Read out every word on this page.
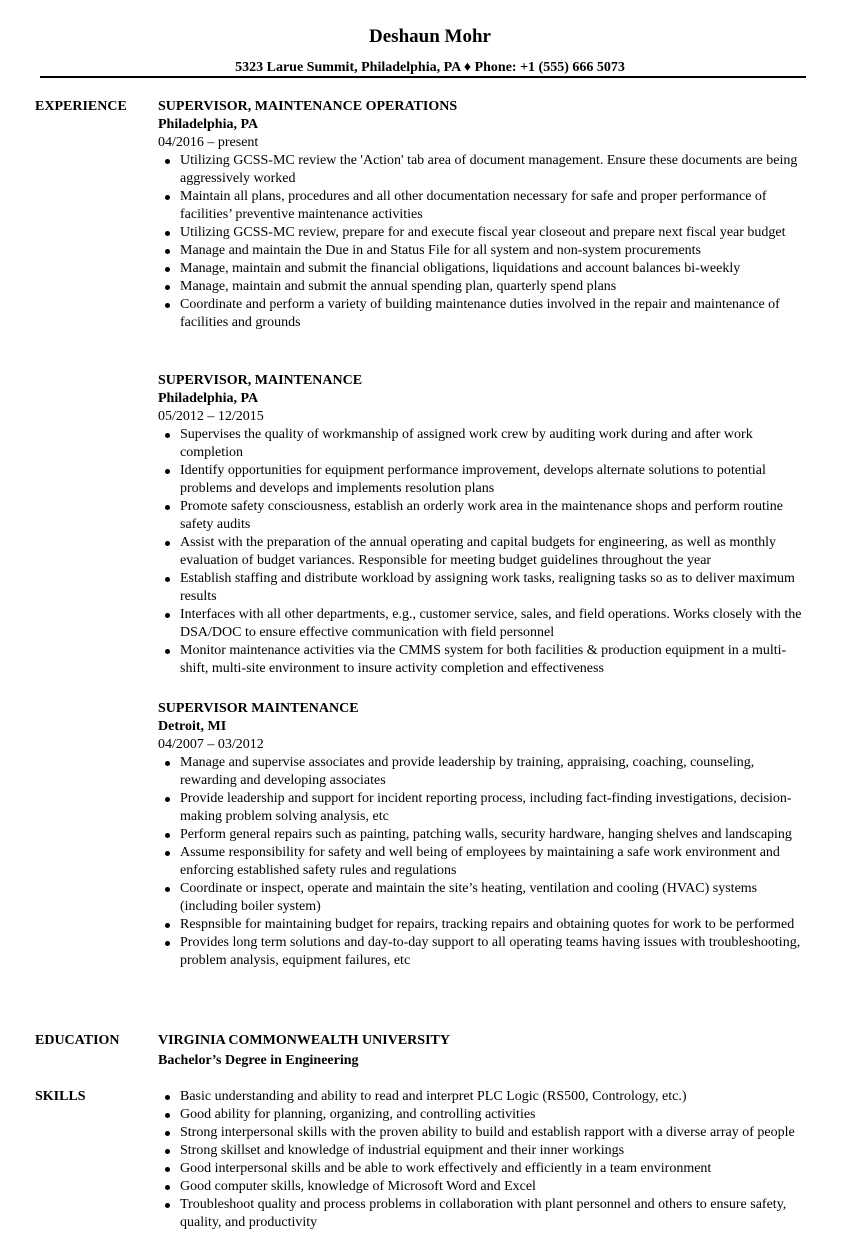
Deshaun Mohr
5323 Larue Summit, Philadelphia, PA ♦ Phone: +1 (555) 666 5073
EXPERIENCE SUPERVISOR, MAINTENANCE OPERATIONS
Philadelphia, PA
04/2016 – present
Utilizing GCSS-MC review the 'Action' tab area of document management. Ensure these documents are being aggressively worked
Maintain all plans, procedures and all other documentation necessary for safe and proper performance of facilities’ preventive maintenance activities
Utilizing GCSS-MC review, prepare for and execute fiscal year closeout and prepare next fiscal year budget
Manage and maintain the Due in and Status File for all system and non-system procurements
Manage, maintain and submit the financial obligations, liquidations and account balances bi-weekly
Manage, maintain and submit the annual spending plan, quarterly spend plans
Coordinate and perform a variety of building maintenance duties involved in the repair and maintenance of facilities and grounds
SUPERVISOR, MAINTENANCE
Philadelphia, PA
05/2012 – 12/2015
Supervises the quality of workmanship of assigned work crew by auditing work during and after work completion
Identify opportunities for equipment performance improvement, develops alternate solutions to potential problems and develops and implements resolution plans
Promote safety consciousness, establish an orderly work area in the maintenance shops and perform routine safety audits
Assist with the preparation of the annual operating and capital budgets for engineering, as well as monthly evaluation of budget variances. Responsible for meeting budget guidelines throughout the year
Establish staffing and distribute workload by assigning work tasks, realigning tasks so as to deliver maximum results
Interfaces with all other departments, e.g., customer service, sales, and field operations. Works closely with the DSA/DOC to ensure effective communication with field personnel
Monitor maintenance activities via the CMMS system for both facilities & production equipment in a multi-shift, multi-site environment to insure activity completion and effectiveness
SUPERVISOR MAINTENANCE
Detroit, MI
04/2007 – 03/2012
Manage and supervise associates and provide leadership by training, appraising, coaching, counseling, rewarding and developing associates
Provide leadership and support for incident reporting process, including fact-finding investigations, decision-making problem solving analysis, etc
Perform general repairs such as painting, patching walls, security hardware, hanging shelves and landscaping
Assume responsibility for safety and well being of employees by maintaining a safe work environment and enforcing established safety rules and regulations
Coordinate or inspect, operate and maintain the site’s heating, ventilation and cooling (HVAC) systems (including boiler system)
Respnsible for maintaining budget for repairs, tracking repairs and obtaining quotes for work to be performed
Provides long term solutions and day-to-day support to all operating teams having issues with troubleshooting, problem analysis, equipment failures, etc
EDUCATION	VIRGINIA COMMONWEALTH UNIVERSITY
Bachelor’s Degree in Engineering
SKILLS	Basic understanding and ability to read and interpret PLC Logic (RS500, Contrology, etc.)
Good ability for planning, organizing, and controlling activities
Strong interpersonal skills with the proven ability to build and establish rapport with a diverse array of people
Strong skillset and knowledge of industrial equipment and their inner workings
Good interpersonal skills and be able to work effectively and efficiently in a team environment
Good computer skills, knowledge of Microsoft Word and Excel
Troubleshoot quality and process problems in collaboration with plant personnel and others to ensure safety, quality, and productivity
